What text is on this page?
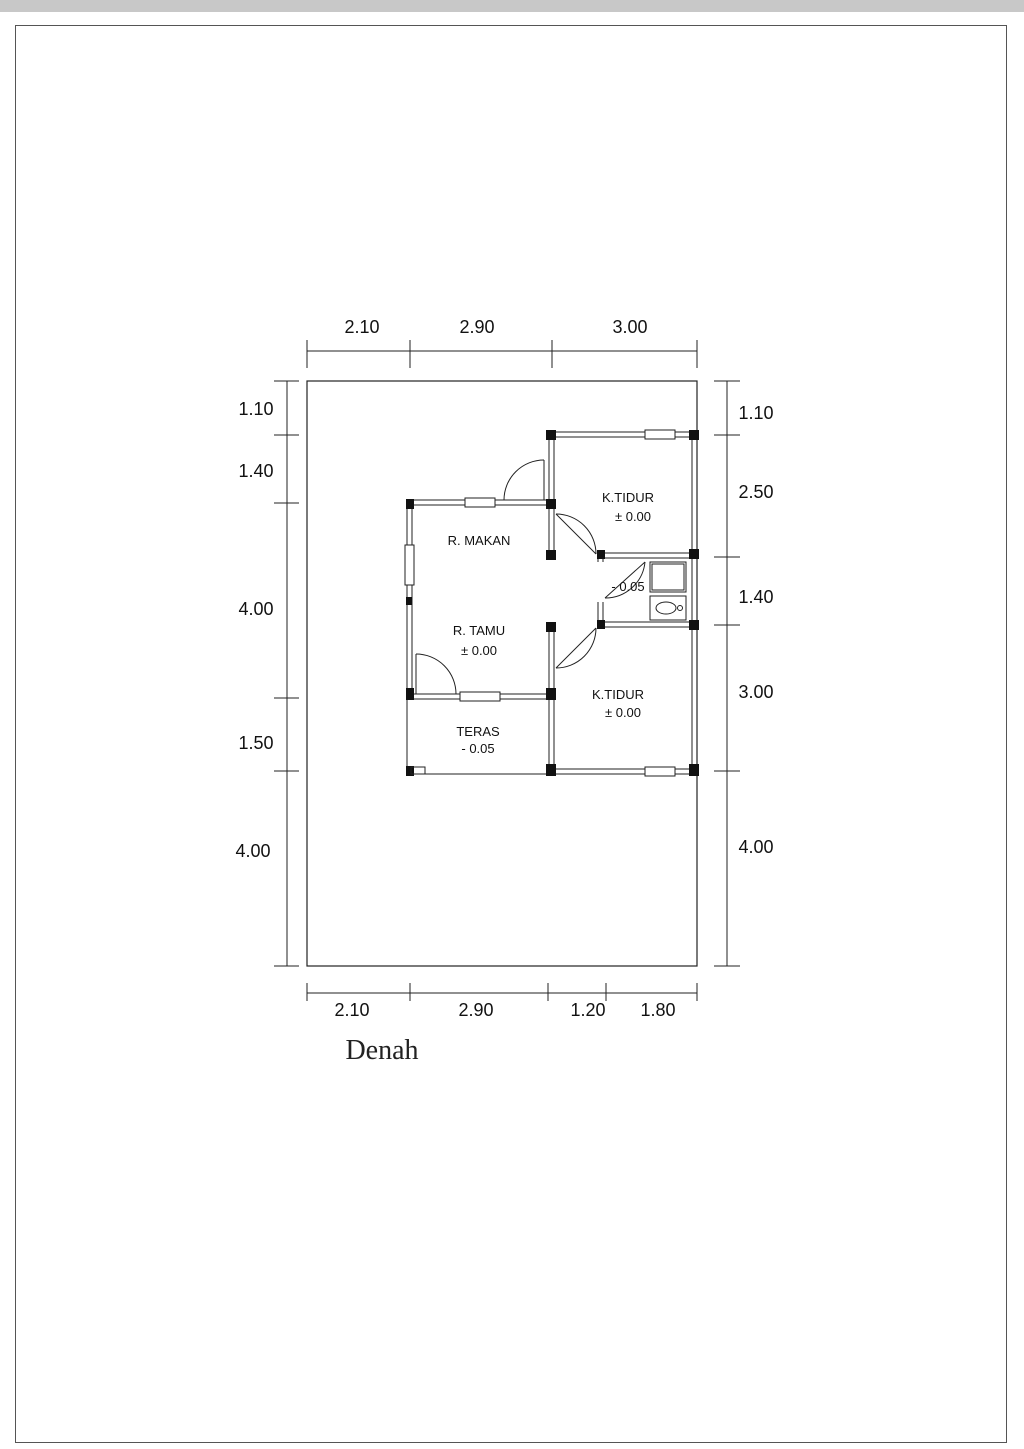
2.10	2.90	3.00
2.10	2.90	1.20 1.80
1.10
1.40
4.00
1.50
4.00
1.10
2.50
1.40
3.00
4.00
R. MAKAN
R. TAMU
± 0.00
TERAS
- 0.05
K.TIDUR
± 0.00
K.TIDUR
± 0.00
- 0.05
Denah
